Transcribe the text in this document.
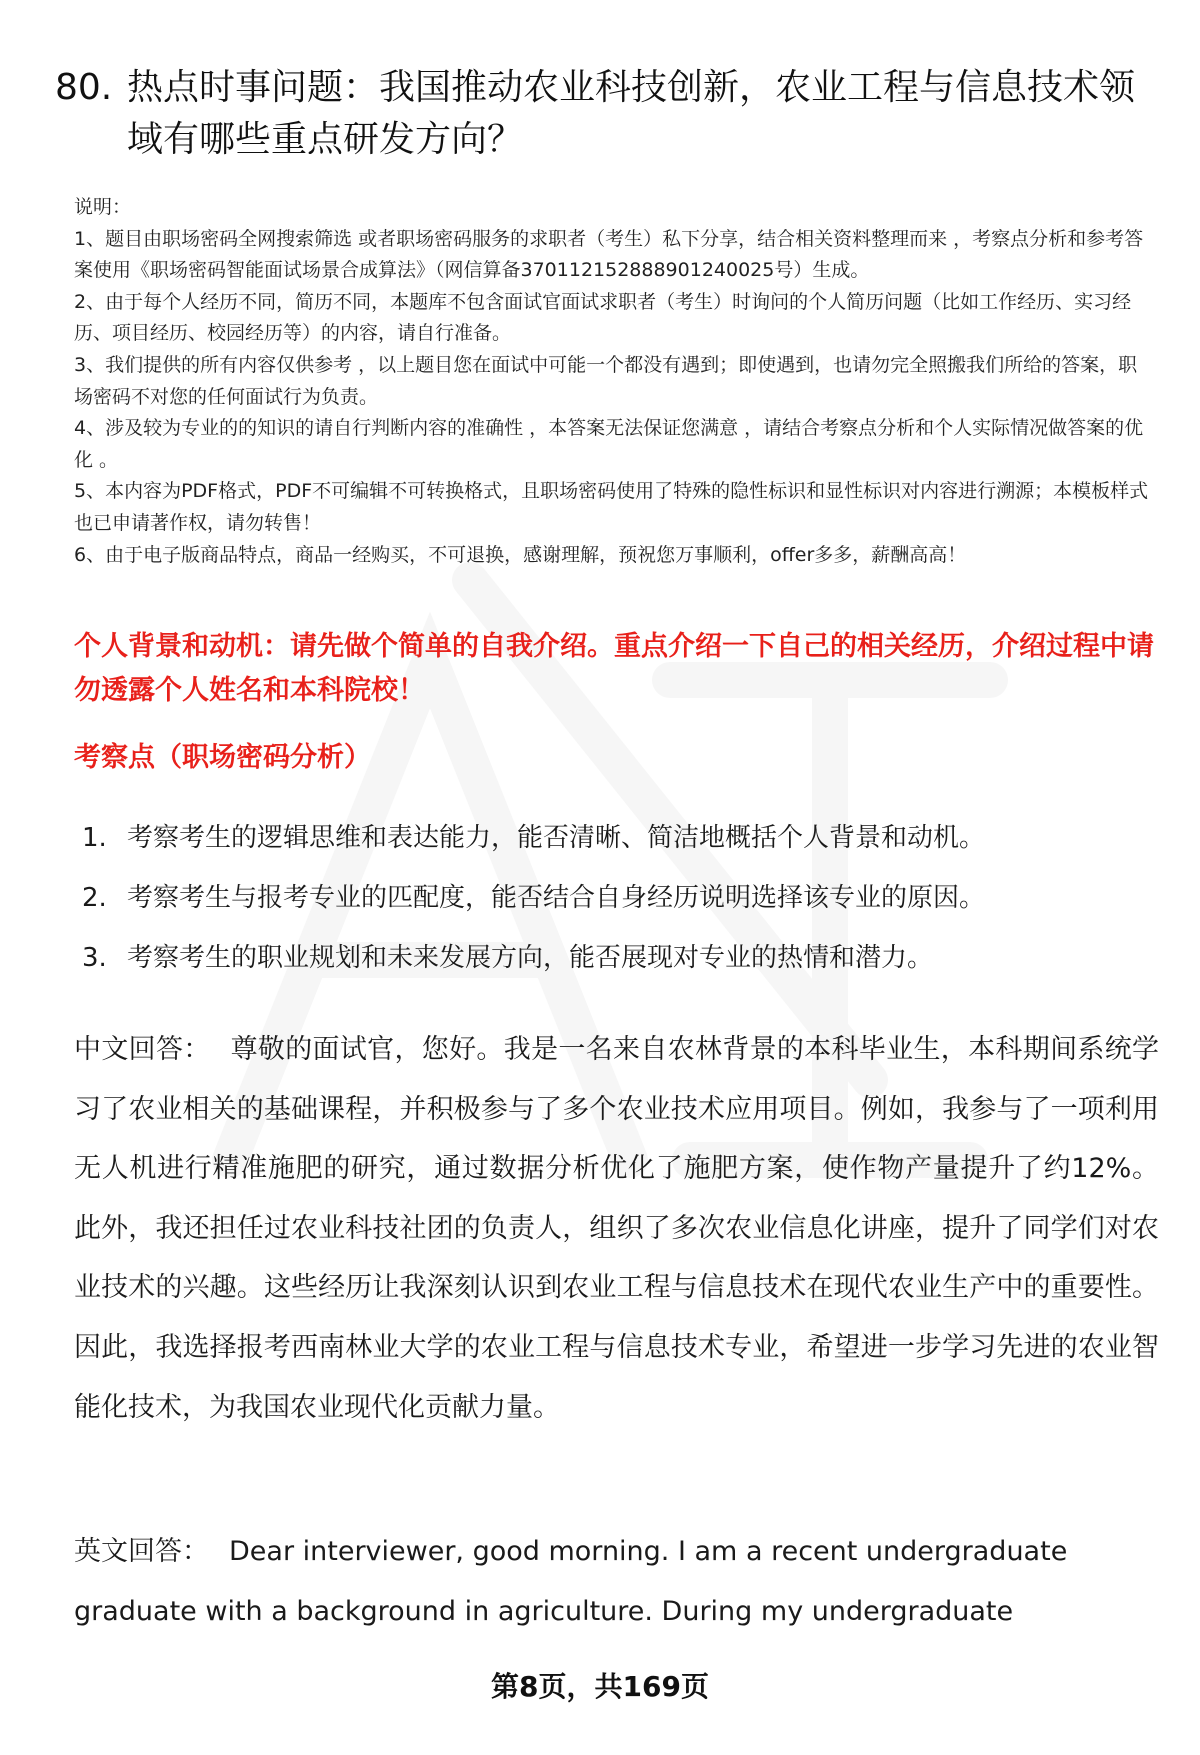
80. 热点时事问题：我国推动农业科技创新，农业工程与信息技术领域有哪些重点研发方向？
说明：
1、题目由职场密码全网搜索筛选 或者职场密码服务的求职者（考生）私下分享，结合相关资料整理而来 ，考察点分析和参考答案使用《职场密码智能面试场景合成算法》（网信算备370112152888901240025号）生成。
2、由于每个人经历不同，简历不同，本题库不包含面试官面试求职者（考生）时询问的个人简历问题（比如工作经历、实习经历、项目经历、校园经历等）的内容，请自行准备。
3、我们提供的所有内容仅供参考 ，以上题目您在面试中可能一个都没有遇到；即使遇到，也请勿完全照搬我们所给的答案，职场密码不对您的任何面试行为负责。
4、涉及较为专业的的知识的请自行判断内容的准确性 ，本答案无法保证您满意 ，请结合考察点分析和个人实际情况做答案的优化 。
5、本内容为PDF格式，PDF不可编辑不可转换格式，且职场密码使用了特殊的隐性标识和显性标识对内容进行溯源；本模板样式也已申请著作权，请勿转售！
6、由于电子版商品特点，商品一经购买，不可退换，感谢理解，预祝您万事顺利，offer多多，薪酬高高！
个人背景和动机：请先做个简单的自我介绍。重点介绍一下自己的相关经历，介绍过程中请勿透露个人姓名和本科院校！
考察点（职场密码分析）
1. 考察考生的逻辑思维和表达能力，能否清晰、简洁地概括个人背景和动机。
2. 考察考生与报考专业的匹配度，能否结合自身经历说明选择该专业的原因。
3. 考察考生的职业规划和未来发展方向，能否展现对专业的热情和潜力。
中文回答： 尊敬的面试官，您好。我是一名来自农林背景的本科毕业生，本科期间系统学习了农业相关的基础课程，并积极参与了多个农业技术应用项目。例如，我参与了一项利用无人机进行精准施肥的研究，通过数据分析优化了施肥方案，使作物产量提升了约12%。此外，我还担任过农业科技社团的负责人，组织了多次农业信息化讲座，提升了同学们对农业技术的兴趣。这些经历让我深刻认识到农业工程与信息技术在现代农业生产中的重要性。因此，我选择报考西南林业大学的农业工程与信息技术专业，希望进一步学习先进的农业智能化技术，为我国农业现代化贡献力量。
英文回答： Dear interviewer, good morning. I am a recent undergraduate graduate with a background in agriculture. During my undergraduate
第8页，共169页
